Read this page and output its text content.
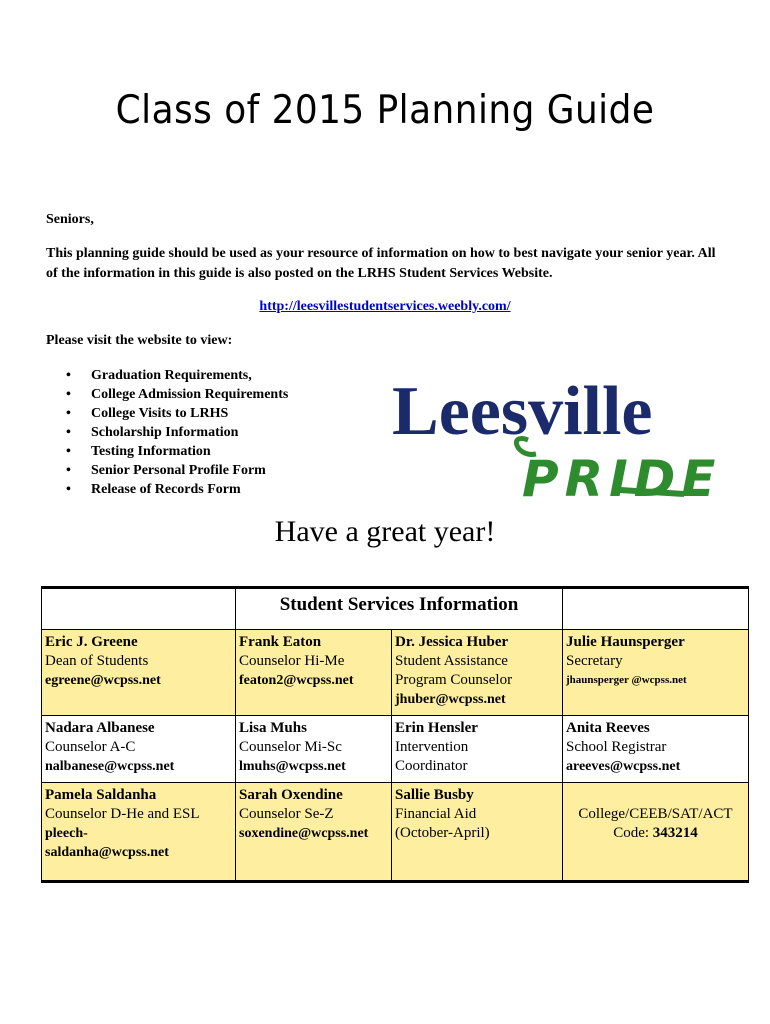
Class of 2015 Planning Guide
Seniors,

This planning guide should be used as your resource of information on how to best navigate your senior year. All of the information in this guide is also posted on the LRHS Student Services Website.

http://leesvillestudentservices.weebly.com/
Please visit the website to view:
• Graduation Requirements,
• College Admission Requirements
• College Visits to LRHS
• Scholarship Information
• Testing Information
• Senior Personal Profile Form
• Release of Records Form
Leesville
PRIDE
Have a great year!

	Student Services Information		

Eric J. Greene
Dean of Students
egreene@wcpss.net	Frank Eaton
Counselor Hi-Me
featon2@wcpss.net	Dr. Jessica Huber
Student Assistance
Program Counselor
jhuber@wcpss.net	Julie Haunsperger
Secretary
jhaunsperger @wcpss.net

Nadara Albanese
Counselor A-C
nalbanese@wcpss.net	Lisa Muhs
Counselor Mi-Sc
lmuhs@wcpss.net	Erin Hensler
Intervention
Coordinator	Anita Reeves
School Registrar
areeves@wcpss.net

Pamela Saldanha
Counselor D-He and ESL
pleech-
saldanha@wcpss.net	Sarah Oxendine
Counselor Se-Z
soxendine@wcpss.net	Sallie Busby
Financial Aid
(October-April)	College/CEEB/SAT/ACT
Code: 343214
